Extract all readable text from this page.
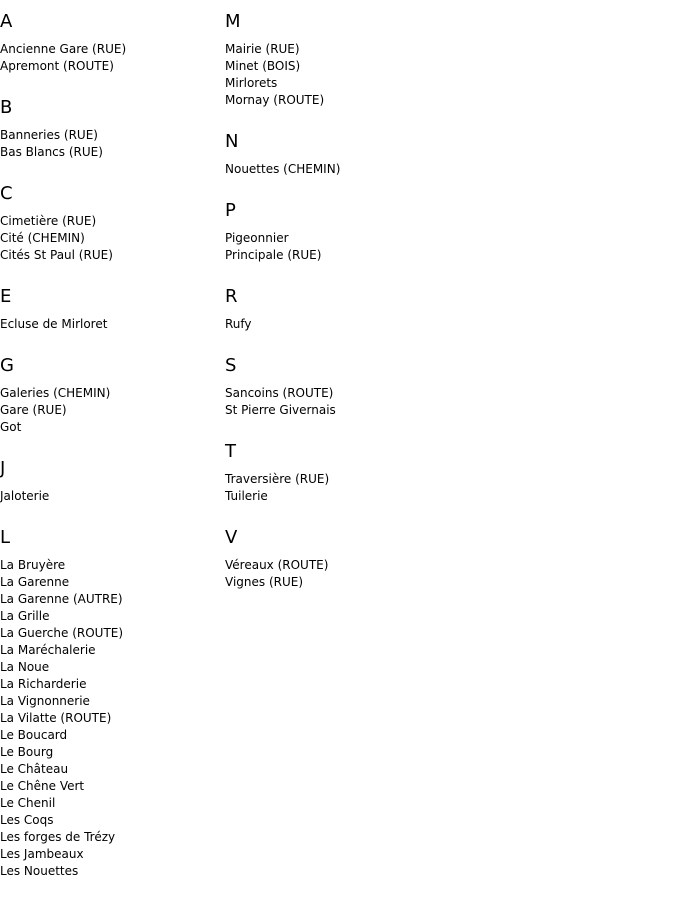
A
Ancienne Gare (RUE)
Apremont (ROUTE)
B
Banneries (RUE)
Bas Blancs (RUE)
C
Cimetière (RUE)
Cité (CHEMIN)
Cités St Paul (RUE)
E
Ecluse de Mirloret
G
Galeries (CHEMIN)
Gare (RUE)
Got
J
Jaloterie
L
La Bruyère
La Garenne
La Garenne (AUTRE)
La Grille
La Guerche (ROUTE)
La Maréchalerie
La Noue
La Richarderie
La Vignonnerie
La Vilatte (ROUTE)
Le Boucard
Le Bourg
Le Château
Le Chêne Vert
Le Chenil
Les Coqs
Les forges de Trézy
Les Jambeaux
Les Nouettes
M
Mairie (RUE)
Minet (BOIS)
Mirlorets
Mornay (ROUTE)
N
Nouettes (CHEMIN)
P
Pigeonnier
Principale (RUE)
R
Rufy
S
Sancoins (ROUTE)
St Pierre Givernais
T
Traversière (RUE)
Tuilerie
V
Véreaux (ROUTE)
Vignes (RUE)
